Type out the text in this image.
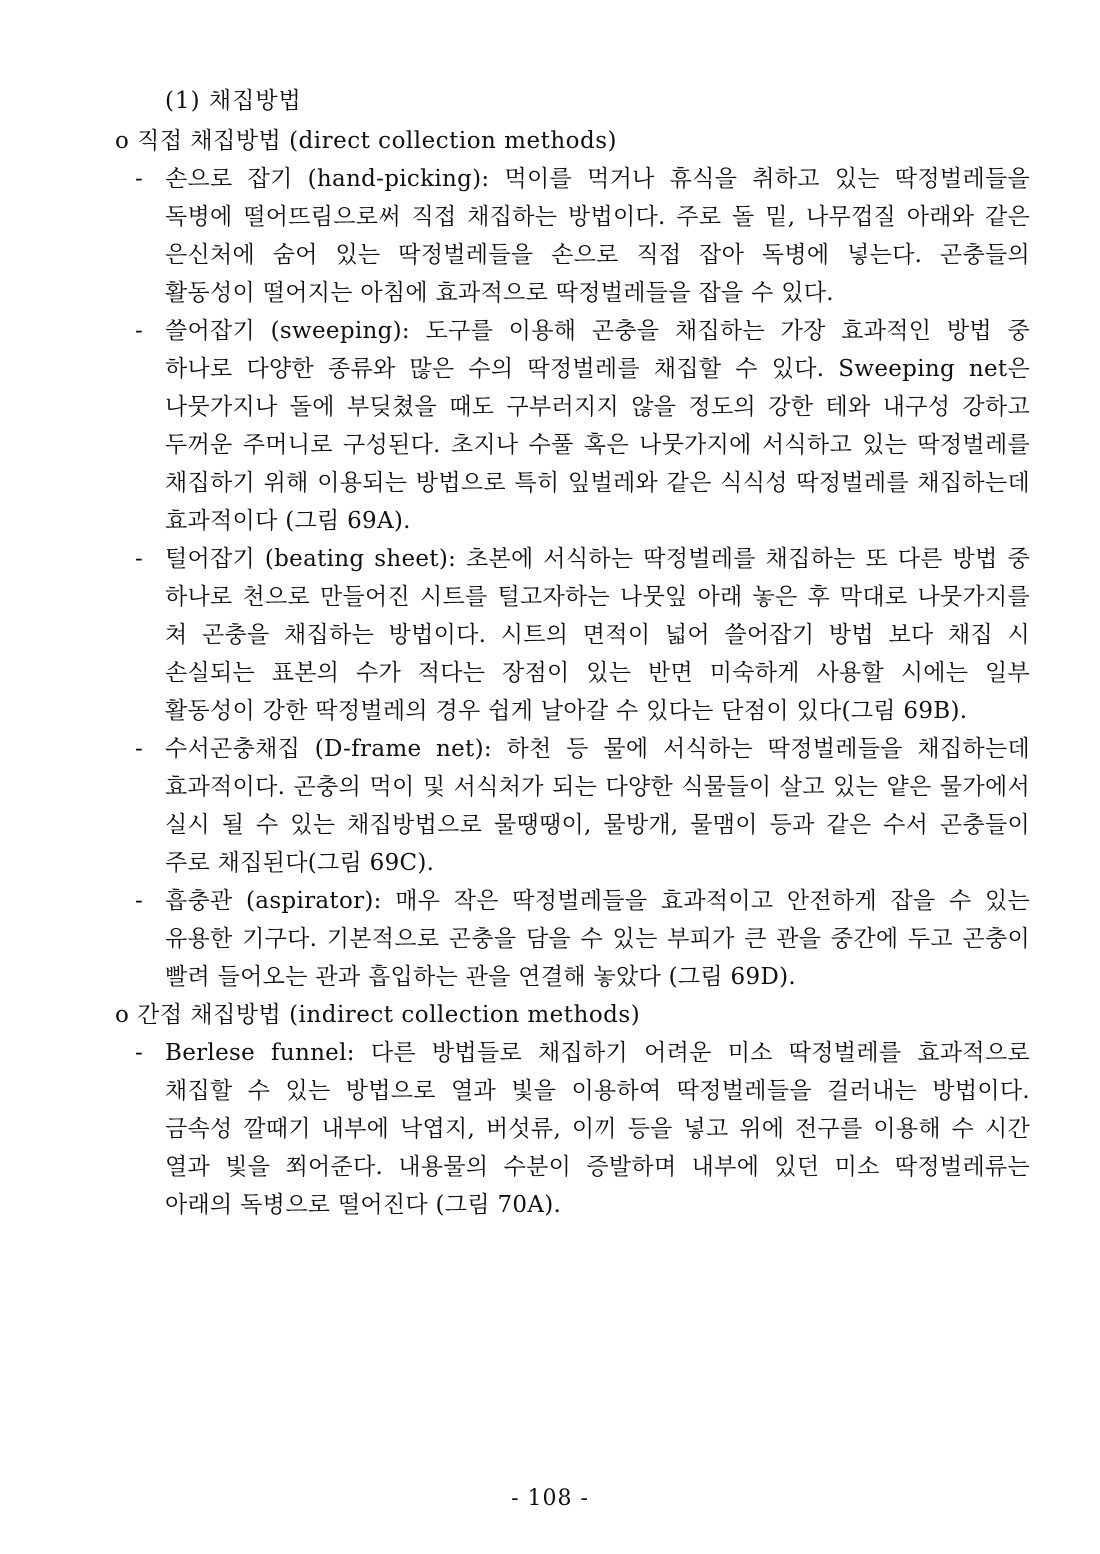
(1) 채집방법
o 직접 채집방법 (direct collection methods)
- 손으로 잡기 (hand-picking): 먹이를 먹거나 휴식을 취하고 있는 딱정벌레들을 독병에 떨어뜨림으로써 직접 채집하는 방법이다. 주로 돌 밑, 나무껍질 아래와 같은 은신처에 숨어 있는 딱정벌레들을 손으로 직접 잡아 독병에 넣는다. 곤충들의 활동성이 떨어지는 아침에 효과적으로 딱정벌레들을 잡을 수 있다.
- 쓸어잡기 (sweeping): 도구를 이용해 곤충을 채집하는 가장 효과적인 방법 중 하나로 다양한 종류와 많은 수의 딱정벌레를 채집할 수 있다. Sweeping net은 나뭇가지나 돌에 부딪쳤을 때도 구부러지지 않을 정도의 강한 테와 내구성 강하고 두꺼운 주머니로 구성된다. 초지나 수풀 혹은 나뭇가지에 서식하고 있는 딱정벌레를 채집하기 위해 이용되는 방법으로 특히 잎벌레와 같은 식식성 딱정벌레를 채집하는데 효과적이다 (그림 69A).
- 털어잡기 (beating sheet): 초본에 서식하는 딱정벌레를 채집하는 또 다른 방법 중 하나로 천으로 만들어진 시트를 털고자하는 나뭇잎 아래 놓은 후 막대로 나뭇가지를 쳐 곤충을 채집하는 방법이다. 시트의 면적이 넓어 쓸어잡기 방법 보다 채집 시 손실되는 표본의 수가 적다는 장점이 있는 반면 미숙하게 사용할 시에는 일부 활동성이 강한 딱정벌레의 경우 쉽게 날아갈 수 있다는 단점이 있다(그림 69B).
- 수서곤충채집 (D-frame net): 하천 등 물에 서식하는 딱정벌레들을 채집하는데 효과적이다. 곤충의 먹이 및 서식처가 되는 다양한 식물들이 살고 있는 얕은 물가에서 실시 될 수 있는 채집방법으로 물땡땡이, 물방개, 물맴이 등과 같은 수서 곤충들이 주로 채집된다(그림 69C).
- 흡충관 (aspirator): 매우 작은 딱정벌레들을 효과적이고 안전하게 잡을 수 있는 유용한 기구다. 기본적으로 곤충을 담을 수 있는 부피가 큰 관을 중간에 두고 곤충이 빨려 들어오는 관과 흡입하는 관을 연결해 놓았다 (그림 69D).
o 간접 채집방법 (indirect collection methods)
- Berlese funnel: 다른 방법들로 채집하기 어려운 미소 딱정벌레를 효과적으로 채집할 수 있는 방법으로 열과 빛을 이용하여 딱정벌레들을 걸러내는 방법이다. 금속성 깔때기 내부에 낙엽지, 버섯류, 이끼 등을 넣고 위에 전구를 이용해 수 시간 열과 빛을 쬐어준다. 내용물의 수분이 증발하며 내부에 있던 미소 딱정벌레류는 아래의 독병으로 떨어진다 (그림 70A).
- 108 -
